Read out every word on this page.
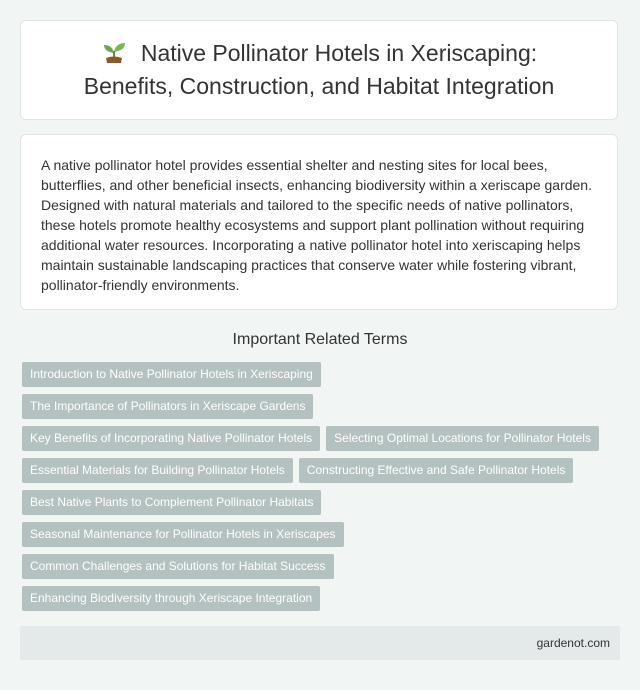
Native Pollinator Hotels in Xeriscaping:
Benefits, Construction, and Habitat Integration

A native pollinator hotel provides essential shelter and nesting sites for local bees, butterflies, and other beneficial insects, enhancing biodiversity within a xeriscape garden. Designed with natural materials and tailored to the specific needs of native pollinators, these hotels promote healthy ecosystems and support plant pollination without requiring additional water resources. Incorporating a native pollinator hotel into xeriscaping helps maintain sustainable landscaping practices that conserve water while fostering vibrant, pollinator-friendly environments.

Important Related Terms
Introduction to Native Pollinator Hotels in Xeriscaping
The Importance of Pollinators in Xeriscape Gardens
Key Benefits of Incorporating Native Pollinator Hotels	Selecting Optimal Locations for Pollinator Hotels
Essential Materials for Building Pollinator Hotels	Constructing Effective and Safe Pollinator Hotels
Best Native Plants to Complement Pollinator Habitats
Seasonal Maintenance for Pollinator Hotels in Xeriscapes
Common Challenges and Solutions for Habitat Success
Enhancing Biodiversity through Xeriscape Integration
gardenot.com
